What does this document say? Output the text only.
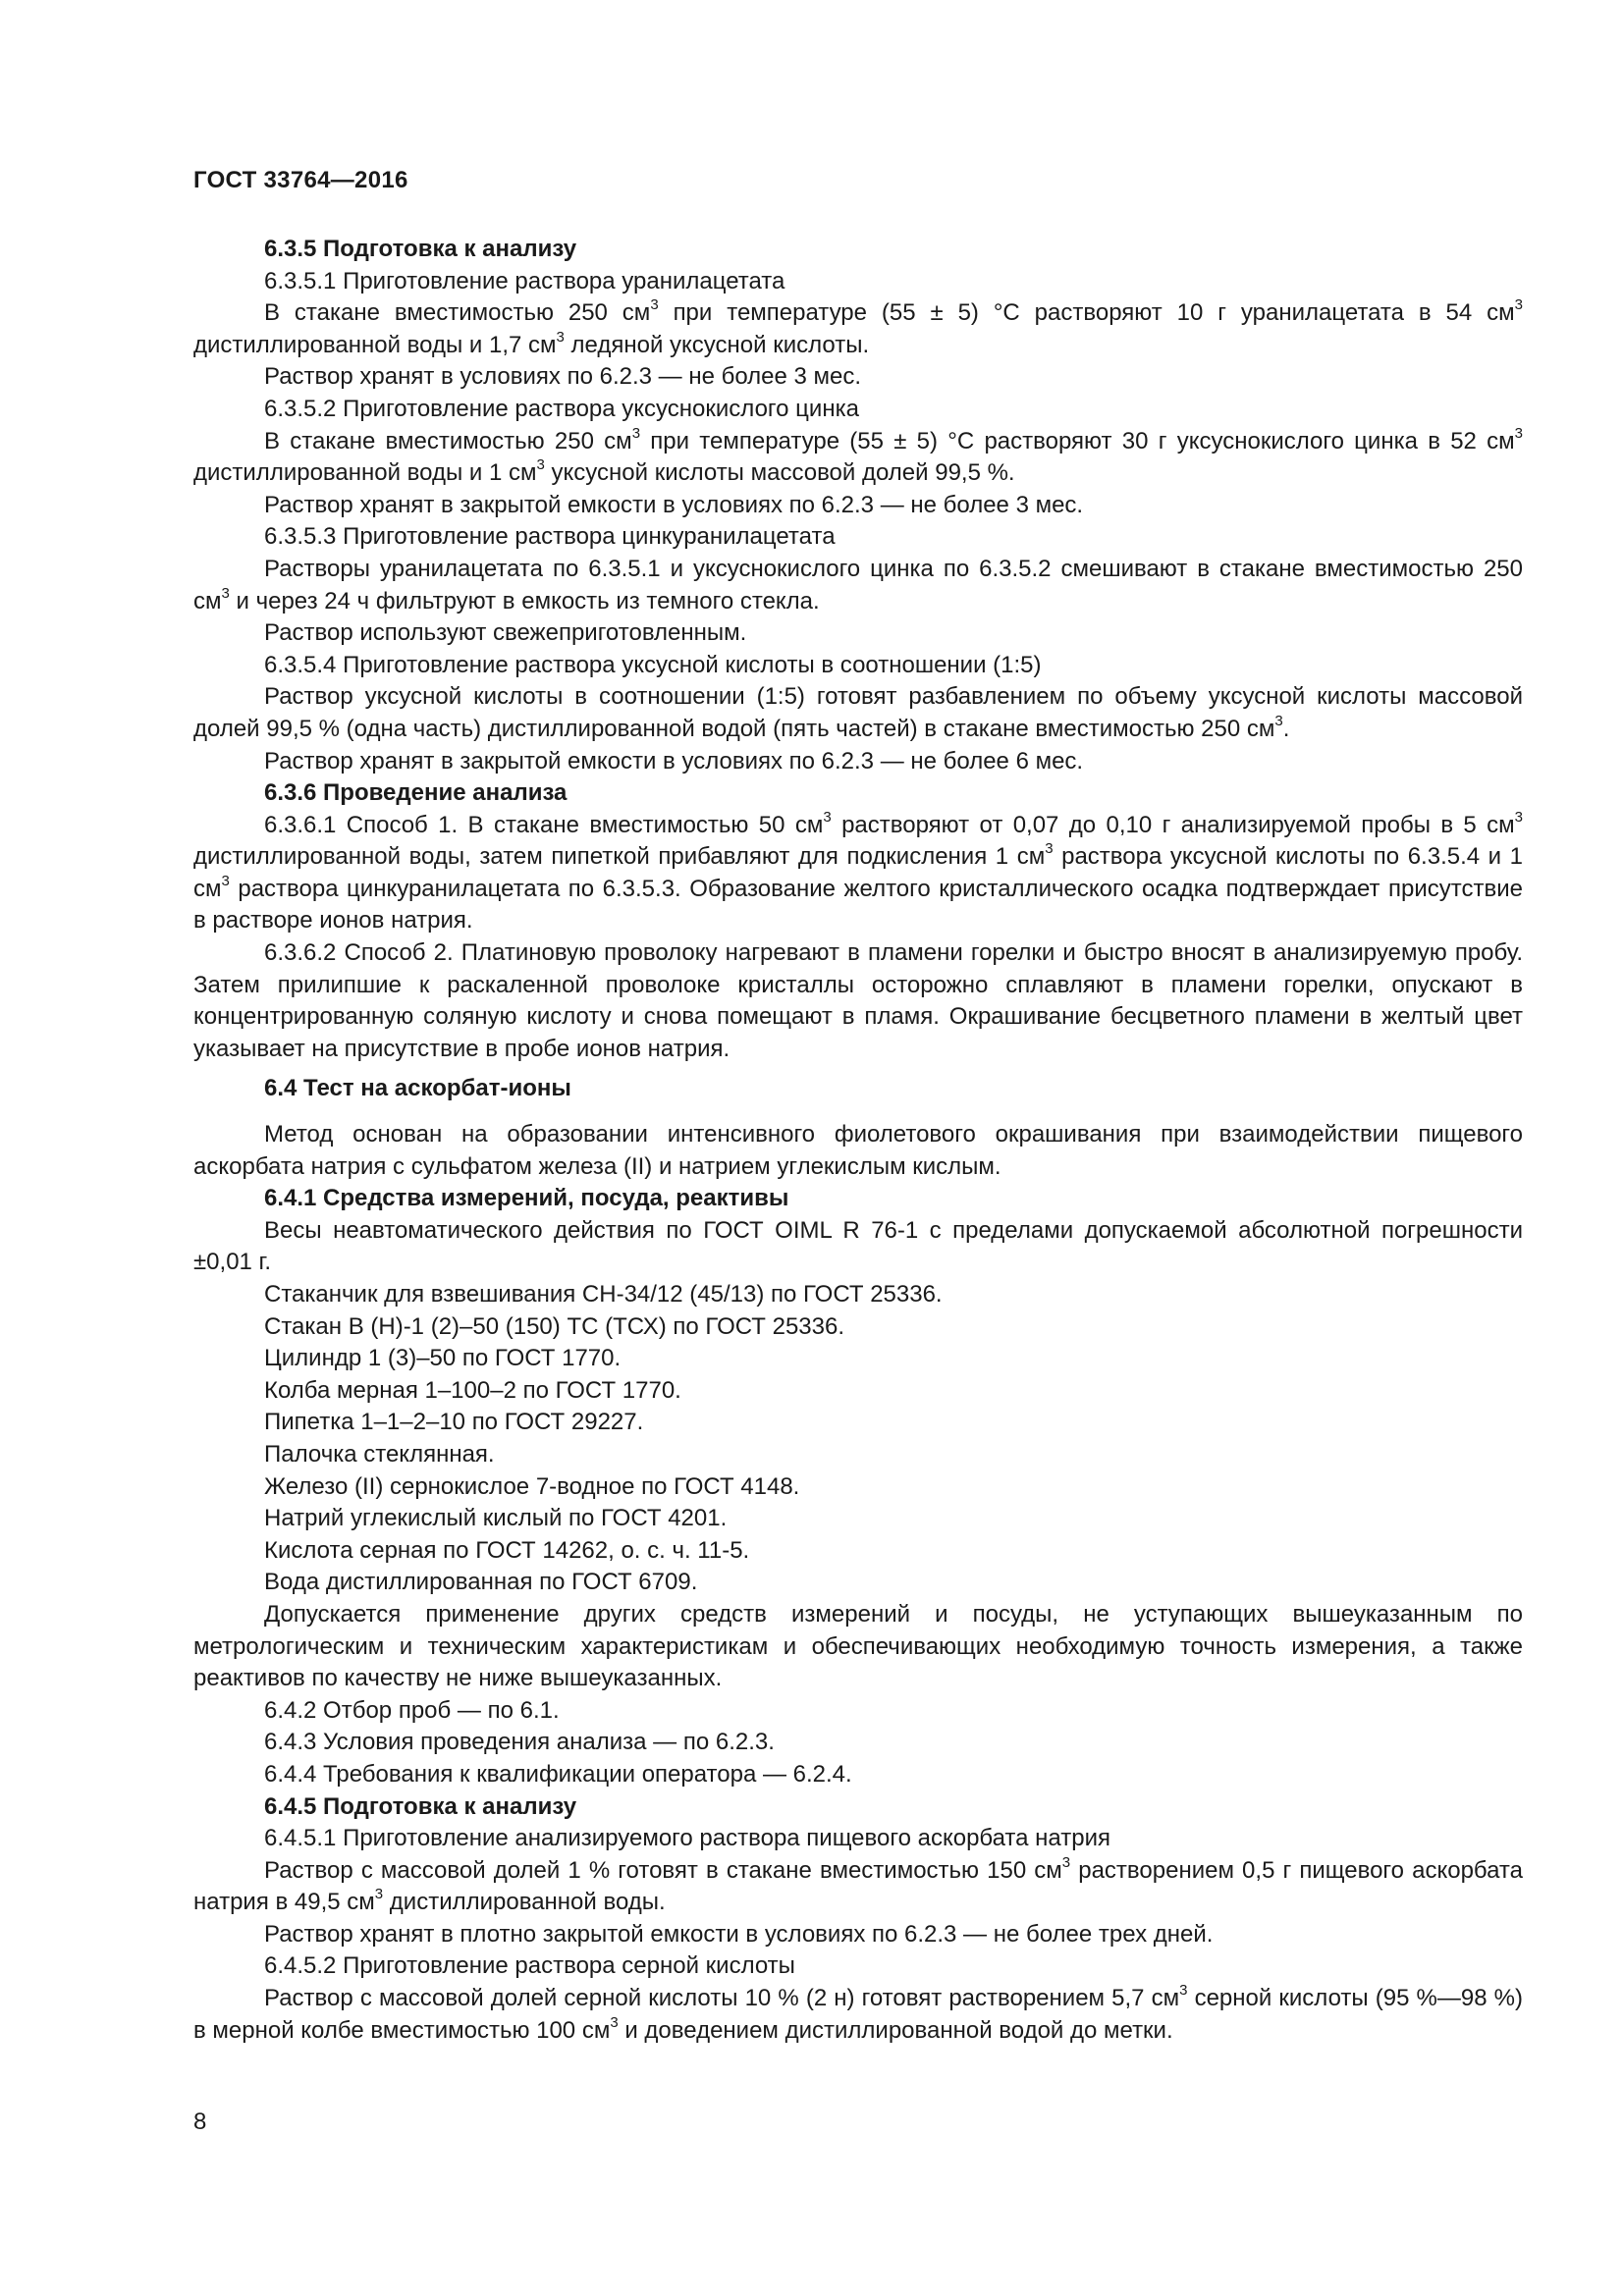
ГОСТ 33764—2016

6.3.5 Подготовка к анализу

6.3.5.1 Приготовление раствора уранилацетата

В стакане вместимостью 250 $см^3$ при температуре (55 ± 5) °С растворяют 10 г уранилацетата в 54 $см^3$ дистиллированной воды и 1,7 $см^3$ ледяной уксусной кислоты.

Раствор хранят в условиях по 6.2.3 — не более 3 мес.

6.3.5.2 Приготовление раствора уксуснокислого цинка

В стакане вместимостью 250 $см^3$ при температуре (55 ± 5) °С растворяют 30 г уксуснокислого цинка в 52 $см^3$ дистиллированной воды и 1 $см^3$ уксусной кислоты массовой долей 99,5 %.

Раствор хранят в закрытой емкости в условиях по 6.2.3 — не более 3 мес.

6.3.5.3 Приготовление раствора цинкуранилацетата

Растворы уранилацетата по 6.3.5.1 и уксуснокислого цинка по 6.3.5.2 смешивают в стакане вместимостью 250 $см^3$ и через 24 ч фильтруют в емкость из темного стекла.

Раствор используют свежеприготовленным.

6.3.5.4 Приготовление раствора уксусной кислоты в соотношении (1:5)

Раствор уксусной кислоты в соотношении (1:5) готовят разбавлением по объему уксусной кислоты массовой долей 99,5 % (одна часть) дистиллированной водой (пять частей) в стакане вместимостью 250 $см^3$.

Раствор хранят в закрытой емкости в условиях по 6.2.3 — не более 6 мес.

6.3.6 Проведение анализа

6.3.6.1 Способ 1. В стакане вместимостью 50 $см^3$ растворяют от 0,07 до 0,10 г анализируемой пробы в 5 $см^3$ дистиллированной воды, затем пипеткой прибавляют для подкисления 1 $см^3$ раствора уксусной кислоты по 6.3.5.4 и 1 $см^3$ раствора цинкуранилацетата по 6.3.5.3. Образование желтого кристаллического осадка подтверждает присутствие в растворе ионов натрия.

6.3.6.2 Способ 2. Платиновую проволоку нагревают в пламени горелки и быстро вносят в анализируемую пробу. Затем прилипшие к раскаленной проволоке кристаллы осторожно сплавляют в пламени горелки, опускают в концентрированную соляную кислоту и снова помещают в пламя. Окрашивание бесцветного пламени в желтый цвет указывает на присутствие в пробе ионов натрия.

6.4 Тест на аскорбат-ионы

Метод основан на образовании интенсивного фиолетового окрашивания при взаимодействии пищевого аскорбата натрия с сульфатом железа (II) и натрием углекислым кислым.

6.4.1 Средства измерений, посуда, реактивы

Весы неавтоматического действия по ГОСТ OIML R 76-1 с пределами допускаемой абсолютной погрешности ±0,01 г.

Стаканчик для взвешивания СН-34/12 (45/13) по ГОСТ 25336.

Стакан В (Н)-1 (2)–50 (150) ТС (ТСХ) по ГОСТ 25336.

Цилиндр 1 (3)–50 по ГОСТ 1770.

Колба мерная 1–100–2 по ГОСТ 1770.

Пипетка 1–1–2–10 по ГОСТ 29227.

Палочка стеклянная.

Железо (II) сернокислое 7-водное по ГОСТ 4148.

Натрий углекислый кислый по ГОСТ 4201.

Кислота серная по ГОСТ 14262, о. с. ч. 11-5.

Вода дистиллированная по ГОСТ 6709.

Допускается применение других средств измерений и посуды, не уступающих вышеуказанным по метрологическим и техническим характеристикам и обеспечивающих необходимую точность измерения, а также реактивов по качеству не ниже вышеуказанных.

6.4.2 Отбор проб — по 6.1.

6.4.3 Условия проведения анализа — по 6.2.3.

6.4.4 Требования к квалификации оператора — 6.2.4.

6.4.5 Подготовка к анализу

6.4.5.1 Приготовление анализируемого раствора пищевого аскорбата натрия

Раствор с массовой долей 1 % готовят в стакане вместимостью 150 $см^3$ растворением 0,5 г пищевого аскорбата натрия в 49,5 $см^3$ дистиллированной воды.

Раствор хранят в плотно закрытой емкости в условиях по 6.2.3 — не более трех дней.

6.4.5.2 Приготовление раствора серной кислоты

Раствор с массовой долей серной кислоты 10 % (2 н) готовят растворением 5,7 $см^3$ серной кислоты (95 %—98 %) в мерной колбе вместимостью 100 $см^3$ и доведением дистиллированной водой до метки.

8
